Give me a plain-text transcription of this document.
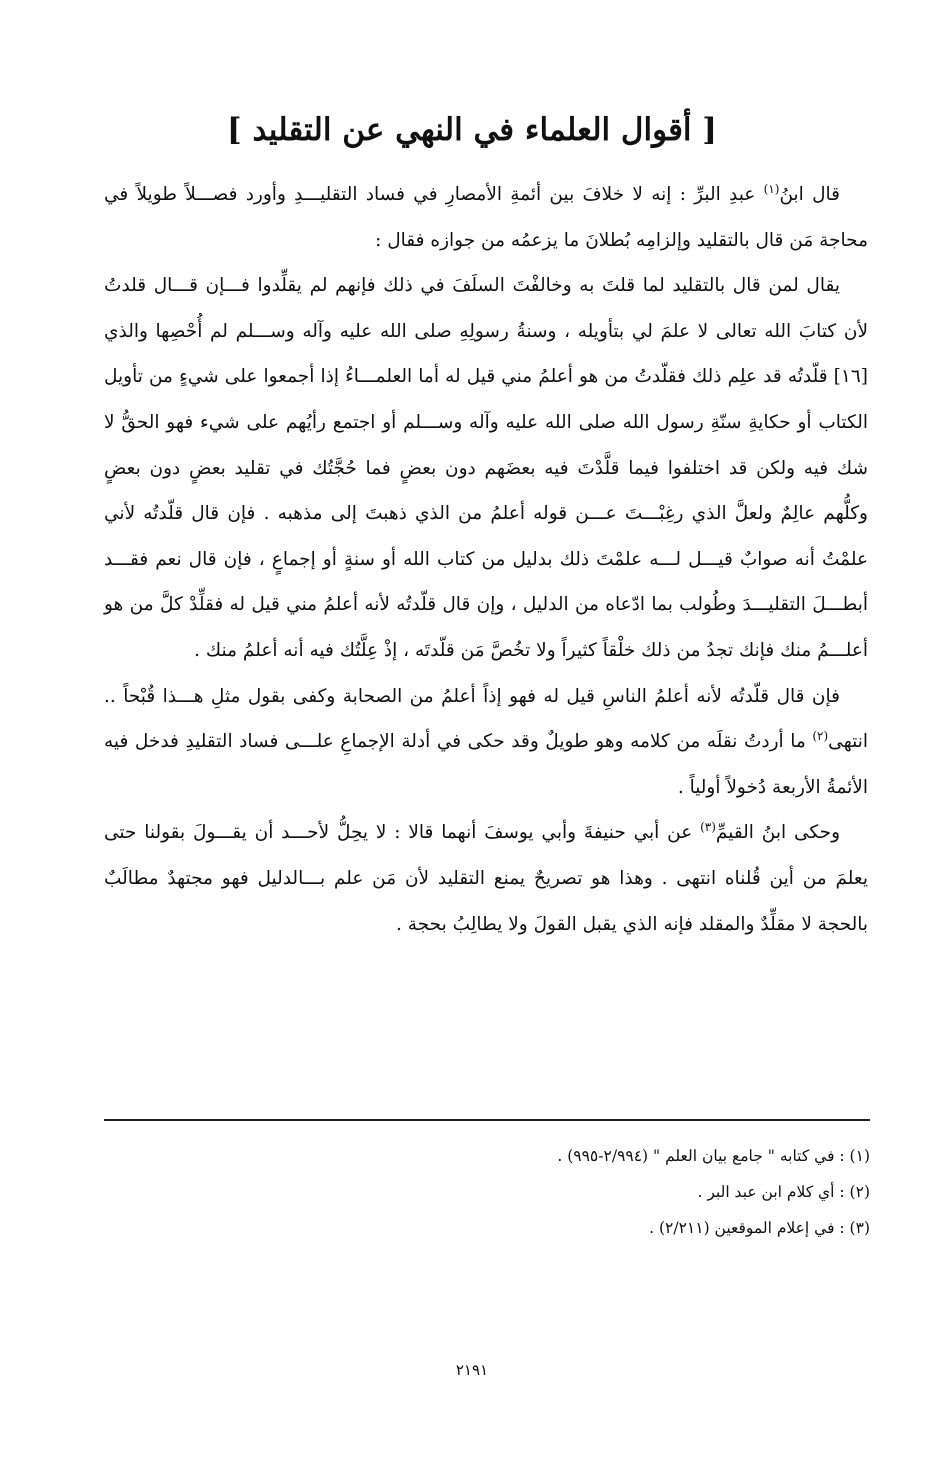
[ أقوال العلماء في النهي عن التقليد ]

قال ابنُ$^{(١)}$ عبدِ البرِّ : إنه لا خلافَ بين أئمةِ الأمصارِ في فساد التقليـــدِ وأورد فصـــلاً طويلاً في محاجة مَن قال بالتقليد وإلزامِه بُطلانَ ما يزعمُه من جوازه فقال :

يقال لمن قال بالتقليد لما قلتَ به وخالفْتَ السلَفَ في ذلك فإنهم لم يقلِّدوا فـــإن قـــال قلدتُ لأن كتابَ الله تعالى لا علمَ لي بتأويله ، وسنةُ رسولِهِ صلى الله عليه وآله وســـلم لم أُحْصِها والذي [١٦] قلّدتُه قد علِم ذلك فقلّدتُ من هو أعلمُ مني قيل له أما العلمـــاءُ إذا أجمعوا على شيءٍ من تأويل الكتاب أو حكايةِ سنّةِ رسول الله صلى الله عليه وآله وســـلم أو اجتمع رأيُهم على شيء فهو الحقُّ لا شك فيه ولكن قد اختلفوا فيما قلَّدْتَ فيه بعضَهم دون بعضٍ فما حُجَّتُك في تقليد بعضٍ دون بعضٍ وكلُّهم عالِمٌ ولعلَّ الذي رغِبْـــتَ عـــن قوله أعلمُ من الذي ذهبتَ إلى مذهبه . فإن قال قلّدتُه لأني علمْتُ أنه صوابٌ قيـــل لـــه علمْتَ ذلك بدليل من كتاب الله أو سنةٍ أو إجماعٍ ، فإن قال نعم فقـــد أبطـــلَ التقليـــدَ وطُولب بما ادّعاه من الدليل ، وإن قال قلّدتُه لأنه أعلمُ مني قيل له فقلِّدْ كلَّ من هو أعلـــمُ منك فإنك تجدُ من ذلك خلْقاً كثيراً ولا تخُصَّ مَن قلّدتَه ، إذْ عِلَّتُك فيه أنه أعلمُ منك .

فإن قال قلّدتُه لأنه أعلمُ الناسِ قيل له فهو إذاً أعلمُ من الصحابة وكفى بقول مثلِ هـــذا قُبْحاً .. انتهى$^{(٢)}$ ما أردتُ نقلَه من كلامه وهو طويلٌ وقد حكى في أدلة الإجماعِ علـــى فساد التقليدِ فدخل فيه الأئمةُ الأربعة دُخولاً أولياً .

وحكى ابنُ القيمِّ$^{(٣)}$ عن أبي حنيفةَ وأبي يوسفَ أنهما قالا : لا يحِلُّ لأحـــد أن يقـــولَ بقولنا حتى يعلمَ من أين قُلناه انتهى . وهذا هو تصريحٌ يمنع التقليد لأن مَن علم بـــالدليل فهو مجتهدٌ مطالَبٌ بالحجة لا مقلِّدٌ والمقلد فإنه الذي يقبل القولَ ولا يطالِبُ بحجة .

(١) : في كتابه " جامع بيان العلم " (٢/٩٩٤-٩٩٥) .
(٢) : أي كلام ابن عبد البر .
(٣) : في إعلام الموقعين (٢/٢١١) .
٢١٩١
